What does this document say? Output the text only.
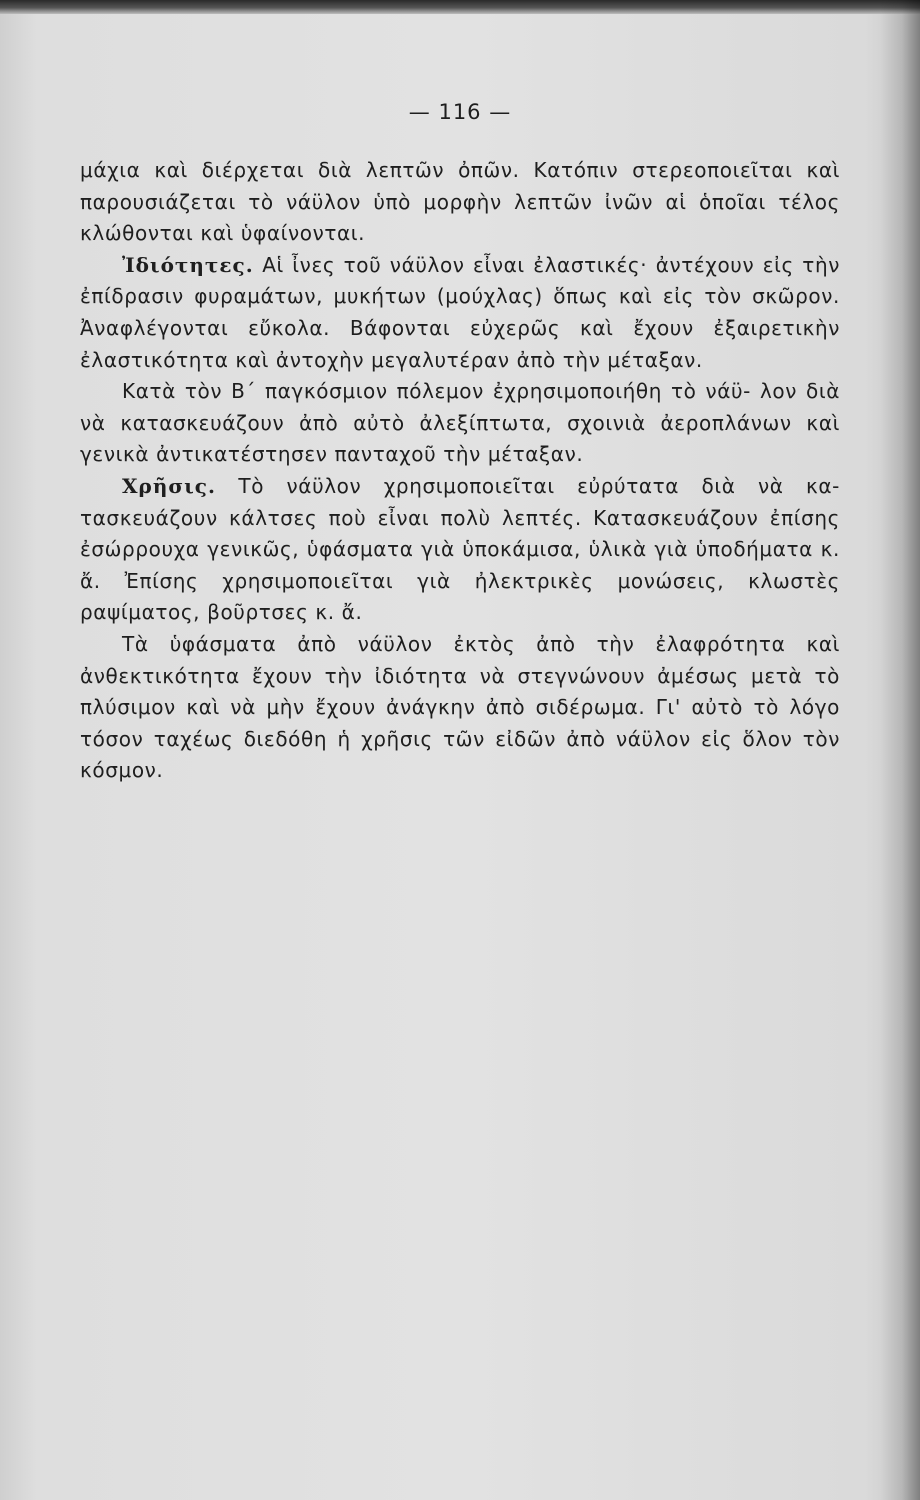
— 116 —

μάχια καὶ διέρχεται διὰ λεπτῶν ὀπῶν. Κατόπιν στερεοποιεῖται καὶ παρουσιάζεται τὸ νάϋλον ὑπὸ μορφὴν λεπτῶν ἰνῶν αἱ ὁποῖαι τέλος κλώθονται καὶ ὑφαίνονται.

Ἰδιότητες. Αἱ ἶνες τοῦ νάϋλον εἶναι ἐλαστικές· ἀντέχουν εἰς τὴν ἐπίδρασιν φυραμάτων, μυκήτων (μούχλας) ὅπως καὶ εἰς τὸν σκῶρον. Ἀναφλέγονται εὔκολα. Βάφονται εὐχερῶς καὶ ἔχουν ἐξαιρετικὴν ἐλαστικότητα καὶ ἀντοχὴν μεγαλυτέραν ἀπὸ τὴν μέταξαν.

Κατὰ τὸν Β΄ παγκόσμιον πόλεμον ἐχρησιμοποιήθη τὸ νάϋ- λον διὰ νὰ κατασκευάζουν ἀπὸ αὐτὸ ἀλεξίπτωτα, σχοινιὰ ἀεροπλάνων καὶ γενικὰ ἀντικατέστησεν πανταχοῦ τὴν μέταξαν.

Χρῆσις. Τὸ νάϋλον χρησιμοποιεῖται εὐρύτατα διὰ νὰ κα- τασκευάζουν κάλτσες ποὺ εἶναι πολὺ λεπτές. Κατασκευάζουν ἐπίσης ἐσώρρουχα γενικῶς, ὑφάσματα γιὰ ὑποκάμισα, ὑλικὰ γιὰ ὑποδήματα κ. ἄ. Ἐπίσης χρησιμοποιεῖται γιὰ ἠλεκτρικὲς μονώσεις, κλωστὲς ραψίματος, βοῦρτσες κ. ἄ.

Τὰ ὑφάσματα ἀπὸ νάϋλον ἐκτὸς ἀπὸ τὴν ἐλαφρότητα καὶ ἀνθεκτικότητα ἔχουν τὴν ἰδιότητα νὰ στεγνώνουν ἀμέσως μετὰ τὸ πλύσιμον καὶ νὰ μὴν ἔχουν ἀνάγκην ἀπὸ σιδέρωμα. Γι' αὐτὸ τὸ λόγο τόσον ταχέως διεδόθη ἡ χρῆσις τῶν εἰδῶν ἀπὸ νάϋλον εἰς ὅλον τὸν κόσμον.
